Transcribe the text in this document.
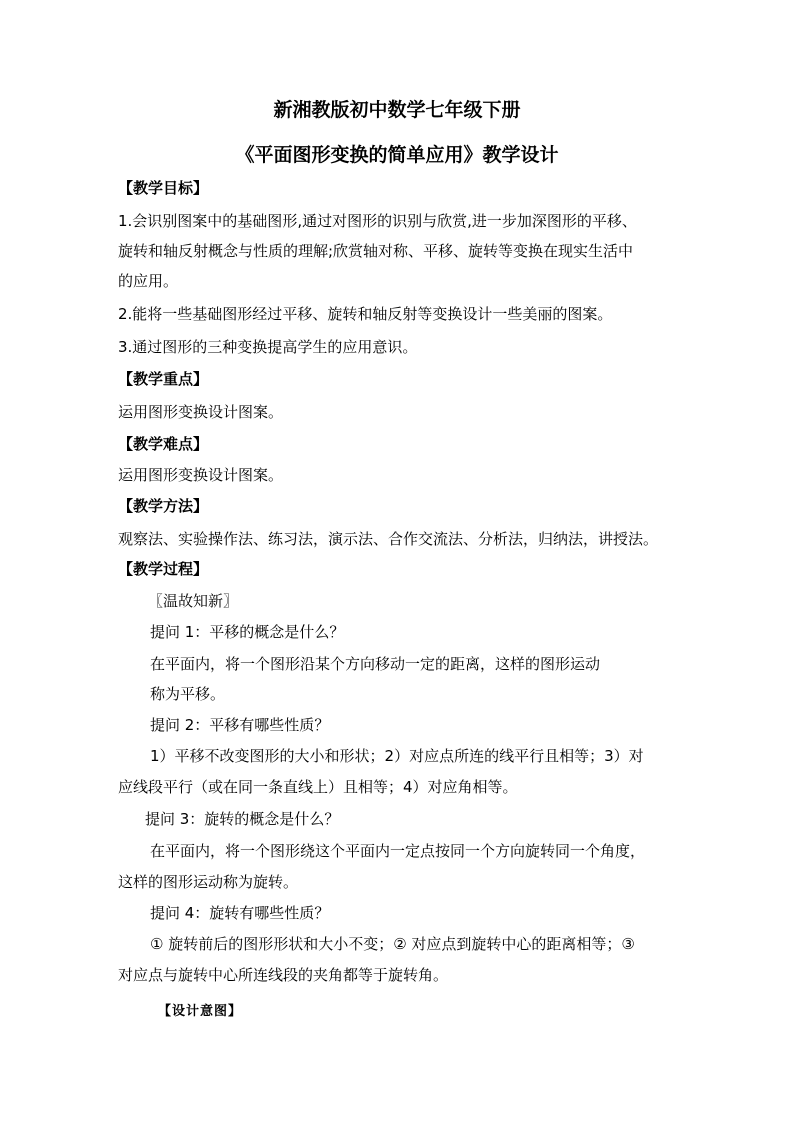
新湘教版初中数学七年级下册
《平面图形变换的简单应用》教学设计
【教学目标】
1.会识别图案中的基础图形,通过对图形的识别与欣赏,进一步加深图形的平移、
旋转和轴反射概念与性质的理解;欣赏轴对称、平移、旋转等变换在现实生活中
的应用。
2.能将一些基础图形经过平移、旋转和轴反射等变换设计一些美丽的图案。
3.通过图形的三种变换提高学生的应用意识。
【教学重点】
运用图形变换设计图案。
【教学难点】
运用图形变换设计图案。
【教学方法】
观察法、实验操作法、练习法，演示法、合作交流法、分析法，归纳法，讲授法。
【教学过程】
〖温故知新〗
提问 1：平移的概念是什么？
在平面内，将一个图形沿某个方向移动一定的距离，这样的图形运动
称为平移。
提问 2：平移有哪些性质？
1）平移不改变图形的大小和形状；2）对应点所连的线平行且相等；3）对
应线段平行（或在同一条直线上）且相等；4）对应角相等。
提问 3：旋转的概念是什么？
在平面内，将一个图形绕这个平面内一定点按同一个方向旋转同一个角度，
这样的图形运动称为旋转。
提问 4：旋转有哪些性质？
① 旋转前后的图形形状和大小不变；② 对应点到旋转中心的距离相等；③
对应点与旋转中心所连线段的夹角都等于旋转角。
【设计意图】
